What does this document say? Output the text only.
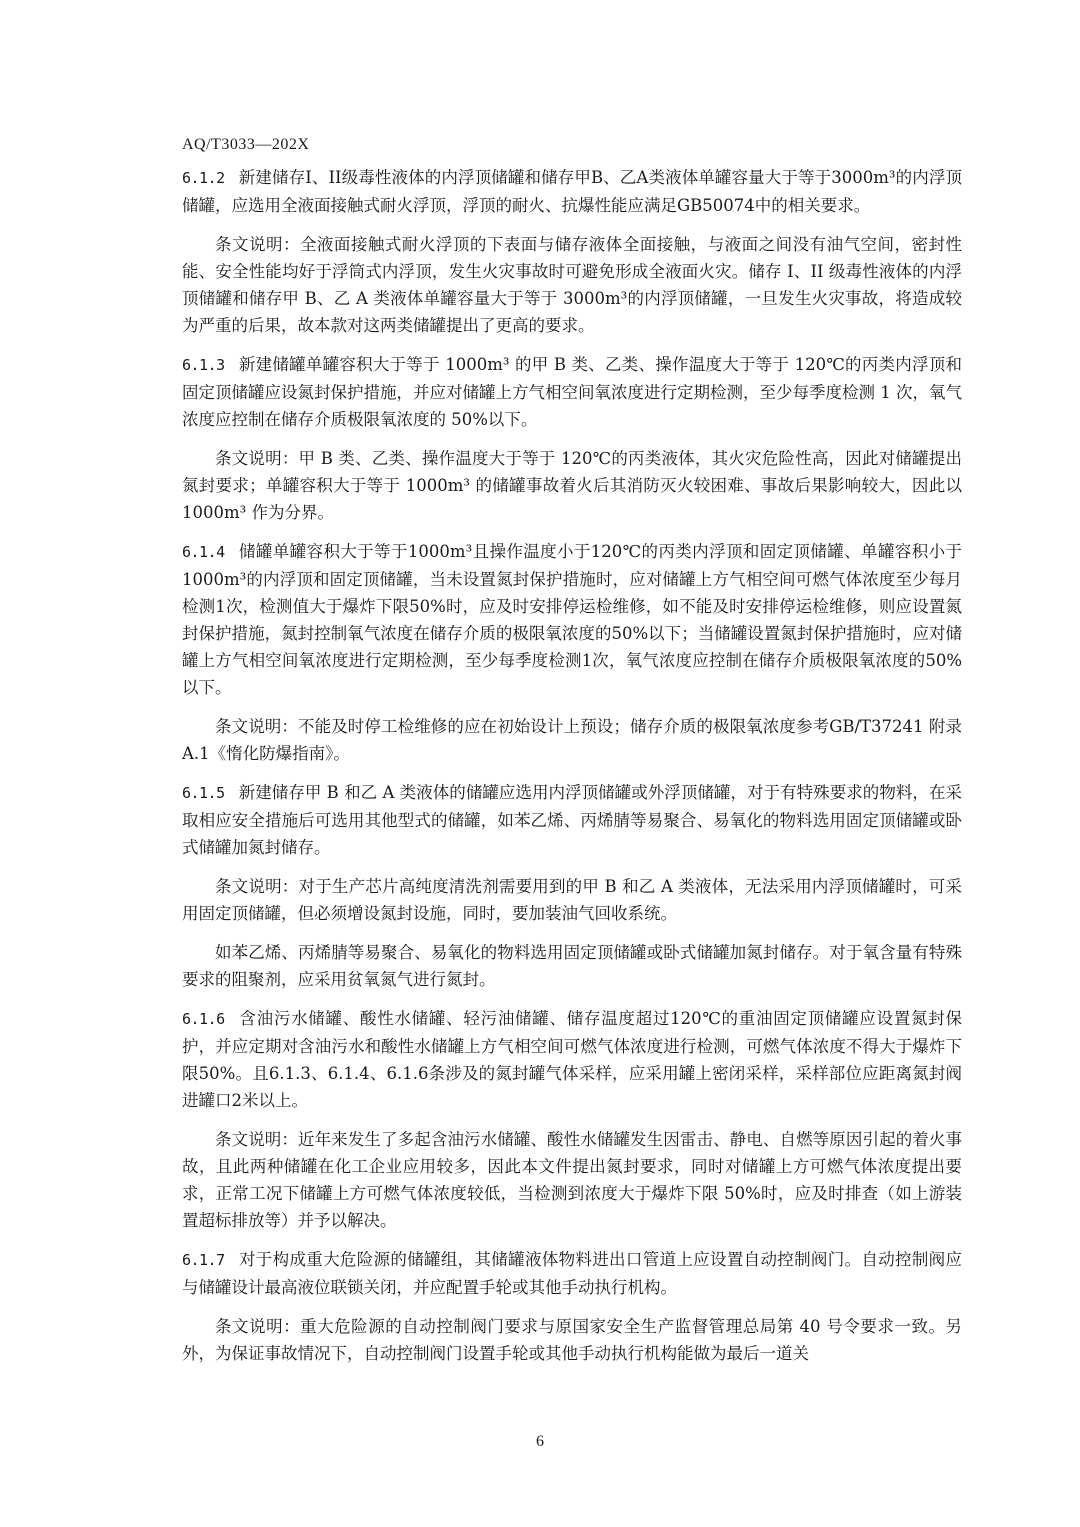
AQ/T3033—202X
6.1.2 新建储存I、II级毒性液体的内浮顶储罐和储存甲B、乙A类液体单罐容量大于等于3000m³的内浮顶储罐，应选用全液面接触式耐火浮顶，浮顶的耐火、抗爆性能应满足GB50074中的相关要求。
条文说明：全液面接触式耐火浮顶的下表面与储存液体全面接触，与液面之间没有油气空间，密封性能、安全性能均好于浮筒式内浮顶，发生火灾事故时可避免形成全液面火灾。储存 I、II 级毒性液体的内浮顶储罐和储存甲 B、乙 A 类液体单罐容量大于等于 3000m³的内浮顶储罐，一旦发生火灾事故，将造成较为严重的后果，故本款对这两类储罐提出了更高的要求。
6.1.3 新建储罐单罐容积大于等于 1000m³ 的甲 B 类、乙类、操作温度大于等于 120℃的丙类内浮顶和固定顶储罐应设氮封保护措施，并应对储罐上方气相空间氧浓度进行定期检测，至少每季度检测 1 次，氧气浓度应控制在储存介质极限氧浓度的 50%以下。
条文说明：甲 B 类、乙类、操作温度大于等于 120℃的丙类液体，其火灾危险性高，因此对储罐提出氮封要求；单罐容积大于等于 1000m³ 的储罐事故着火后其消防灭火较困难、事故后果影响较大，因此以 1000m³ 作为分界。
6.1.4 储罐单罐容积大于等于1000m³且操作温度小于120℃的丙类内浮顶和固定顶储罐、单罐容积小于1000m³的内浮顶和固定顶储罐，当未设置氮封保护措施时，应对储罐上方气相空间可燃气体浓度至少每月检测1次，检测值大于爆炸下限50%时，应及时安排停运检维修，如不能及时安排停运检维修，则应设置氮封保护措施，氮封控制氧气浓度在储存介质的极限氧浓度的50%以下；当储罐设置氮封保护措施时，应对储罐上方气相空间氧浓度进行定期检测，至少每季度检测1次，氧气浓度应控制在储存介质极限氧浓度的50%以下。
条文说明：不能及时停工检维修的应在初始设计上预设；储存介质的极限氧浓度参考GB/T37241 附录 A.1《惰化防爆指南》。
6.1.5 新建储存甲 B 和乙 A 类液体的储罐应选用内浮顶储罐或外浮顶储罐，对于有特殊要求的物料，在采取相应安全措施后可选用其他型式的储罐，如苯乙烯、丙烯腈等易聚合、易氧化的物料选用固定顶储罐或卧式储罐加氮封储存。
条文说明：对于生产芯片高纯度清洗剂需要用到的甲 B 和乙 A 类液体，无法采用内浮顶储罐时，可采用固定顶储罐，但必须增设氮封设施，同时，要加装油气回收系统。
如苯乙烯、丙烯腈等易聚合、易氧化的物料选用固定顶储罐或卧式储罐加氮封储存。对于氧含量有特殊要求的阻聚剂，应采用贫氧氮气进行氮封。
6.1.6 含油污水储罐、酸性水储罐、轻污油储罐、储存温度超过120℃的重油固定顶储罐应设置氮封保护，并应定期对含油污水和酸性水储罐上方气相空间可燃气体浓度进行检测，可燃气体浓度不得大于爆炸下限50%。且6.1.3、6.1.4、6.1.6条涉及的氮封罐气体采样，应采用罐上密闭采样，采样部位应距离氮封阀进罐口2米以上。
条文说明：近年来发生了多起含油污水储罐、酸性水储罐发生因雷击、静电、自燃等原因引起的着火事故，且此两种储罐在化工企业应用较多，因此本文件提出氮封要求，同时对储罐上方可燃气体浓度提出要求，正常工况下储罐上方可燃气体浓度较低，当检测到浓度大于爆炸下限 50%时，应及时排查（如上游装置超标排放等）并予以解决。
6.1.7 对于构成重大危险源的储罐组，其储罐液体物料进出口管道上应设置自动控制阀门。自动控制阀应与储罐设计最高液位联锁关闭，并应配置手轮或其他手动执行机构。
条文说明：重大危险源的自动控制阀门要求与原国家安全生产监督管理总局第 40 号令要求一致。另外，为保证事故情况下，自动控制阀门设置手轮或其他手动执行机构能做为最后一道关
6
